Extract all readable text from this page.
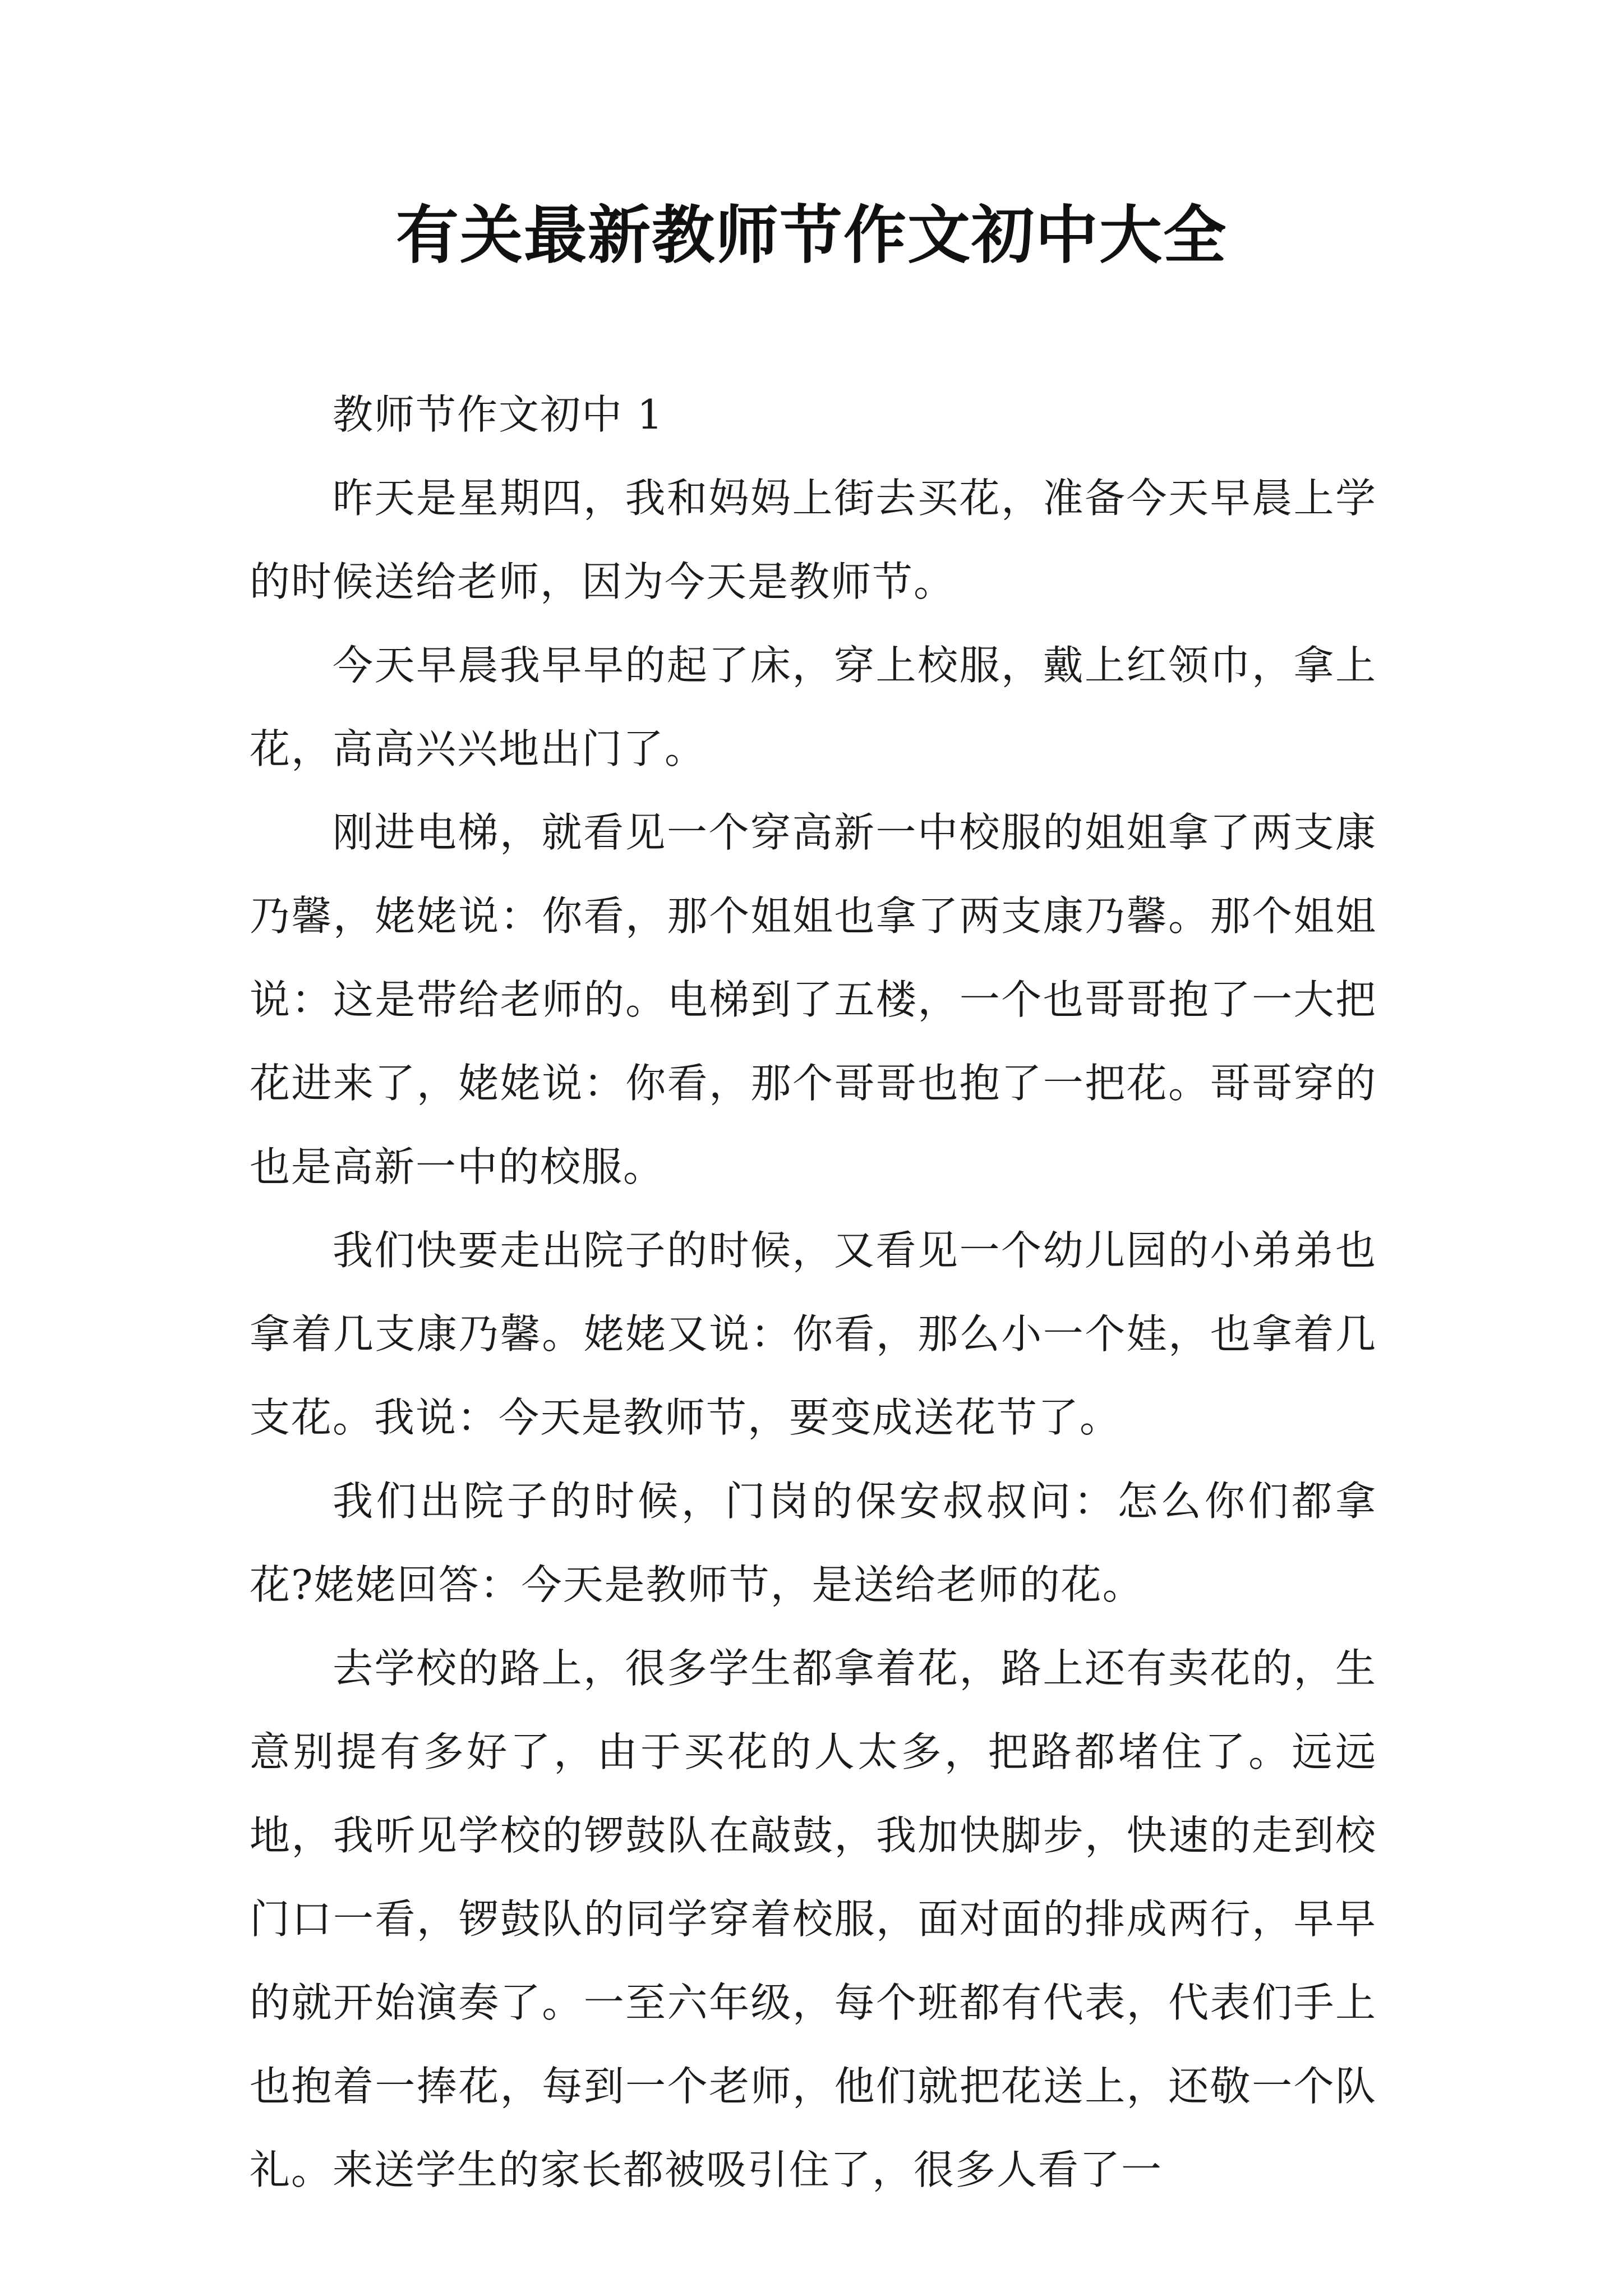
有关最新教师节作文初中大全

教师节作文初中 1

昨天是星期四，我和妈妈上街去买花，准备今天早晨上学的时候送给老师，因为今天是教师节。

今天早晨我早早的起了床，穿上校服，戴上红领巾，拿上花，高高兴兴地出门了。

刚进电梯，就看见一个穿高新一中校服的姐姐拿了两支康乃馨，姥姥说：你看，那个姐姐也拿了两支康乃馨。那个姐姐说：这是带给老师的。电梯到了五楼，一个也哥哥抱了一大把花进来了，姥姥说：你看，那个哥哥也抱了一把花。哥哥穿的也是高新一中的校服。

我们快要走出院子的时候，又看见一个幼儿园的小弟弟也拿着几支康乃馨。姥姥又说：你看，那么小一个娃，也拿着几支花。我说：今天是教师节，要变成送花节了。

我们出院子的时候，门岗的保安叔叔问：怎么你们都拿花?姥姥回答：今天是教师节，是送给老师的花。

去学校的路上，很多学生都拿着花，路上还有卖花的，生意别提有多好了，由于买花的人太多，把路都堵住了。远远地，我听见学校的锣鼓队在敲鼓，我加快脚步，快速的走到校门口一看，锣鼓队的同学穿着校服，面对面的排成两行，早早的就开始演奏了。一至六年级，每个班都有代表，代表们手上也抱着一捧花，每到一个老师，他们就把花送上，还敬一个队礼。来送学生的家长都被吸引住了，很多人看了一
